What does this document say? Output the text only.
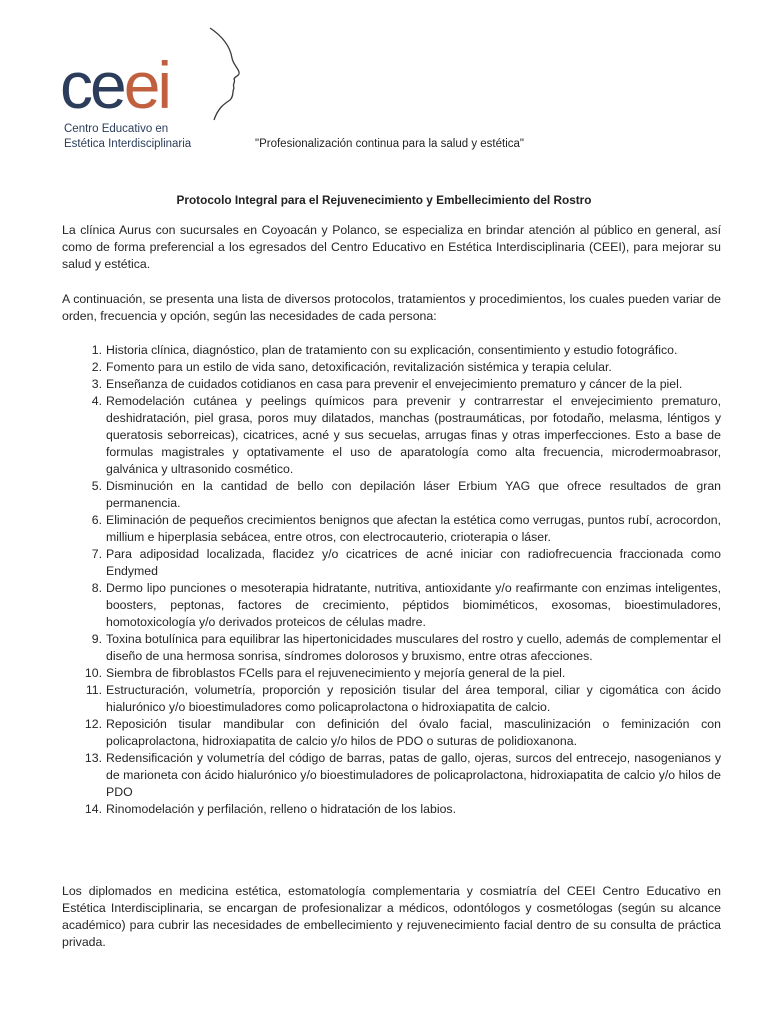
ceei
Centro Educativo en
Estética Interdisciplinaria	"Profesionalización continua para la salud y estética"
Protocolo Integral para el Rejuvenecimiento y Embellecimiento del Rostro

La clínica Aurus con sucursales en Coyoacán y Polanco, se especializa en brindar atención al público en general, así como de forma preferencial a los egresados del Centro Educativo en Estética Interdisciplinaria (CEEI), para mejorar su salud y estética.

A continuación, se presenta una lista de diversos protocolos, tratamientos y procedimientos, los cuales pueden variar de orden, frecuencia y opción, según las necesidades de cada persona:

1. Historia clínica, diagnóstico, plan de tratamiento con su explicación, consentimiento y estudio fotográfico.
2. Fomento para un estilo de vida sano, detoxificación, revitalización sistémica y terapia celular.
3. Enseñanza de cuidados cotidianos en casa para prevenir el envejecimiento prematuro y cáncer de la piel.
4. Remodelación cutánea y peelings químicos para prevenir y contrarrestar el envejecimiento prematuro, deshidratación, piel grasa, poros muy dilatados, manchas (postraumáticas, por fotodaño, melasma, léntigos y queratosis seborreicas), cicatrices, acné y sus secuelas, arrugas finas y otras imperfecciones. Esto a base de formulas magistrales y optativamente el uso de aparatología como alta frecuencia, microdermoabrasor, galvánica y ultrasonido cosmético.
5. Disminución en la cantidad de bello con depilación láser Erbium YAG que ofrece resultados de gran permanencia.
6. Eliminación de pequeños crecimientos benignos que afectan la estética como verrugas, puntos rubí, acrocordon, millium e hiperplasia sebácea, entre otros, con electrocauterio, crioterapia o láser.
7. Para adiposidad localizada, flacidez y/o cicatrices de acné iniciar con radiofrecuencia fraccionada como Endymed
8. Dermo lipo punciones o mesoterapia hidratante, nutritiva, antioxidante y/o reafirmante con enzimas inteligentes, boosters, peptonas, factores de crecimiento, péptidos biomiméticos, exosomas, bioestimuladores, homotoxicología y/o derivados proteicos de células madre.
9. Toxina botulínica para equilibrar las hipertonicidades musculares del rostro y cuello, además de complementar el diseño de una hermosa sonrisa, síndromes dolorosos y bruxismo, entre otras afecciones.
10. Siembra de fibroblastos FCells para el rejuvenecimiento y mejoría general de la piel.
11. Estructuración, volumetría, proporción y reposición tisular del área temporal, ciliar y cigomática con ácido hialurónico y/o bioestimuladores como policaprolactona o hidroxiapatita de calcio.
12. Reposición tisular mandibular con definición del óvalo facial, masculinización o feminización con policaprolactona, hidroxiapatita de calcio y/o hilos de PDO o suturas de polidioxanona.
13. Redensificación y volumetría del código de barras, patas de gallo, ojeras, surcos del entrecejo, nasogenianos y de marioneta con ácido hialurónico y/o bioestimuladores de policaprolactona, hidroxiapatita de calcio y/o hilos de PDO
14. Rinomodelación y perfilación, relleno o hidratación de los labios.

Los diplomados en medicina estética, estomatología complementaria y cosmiatría del CEEI Centro Educativo en Estética Interdisciplinaria, se encargan de profesionalizar a médicos, odontólogos y cosmetólogas (según su alcance académico) para cubrir las necesidades de embellecimiento y rejuvenecimiento facial dentro de su consulta de práctica privada.
